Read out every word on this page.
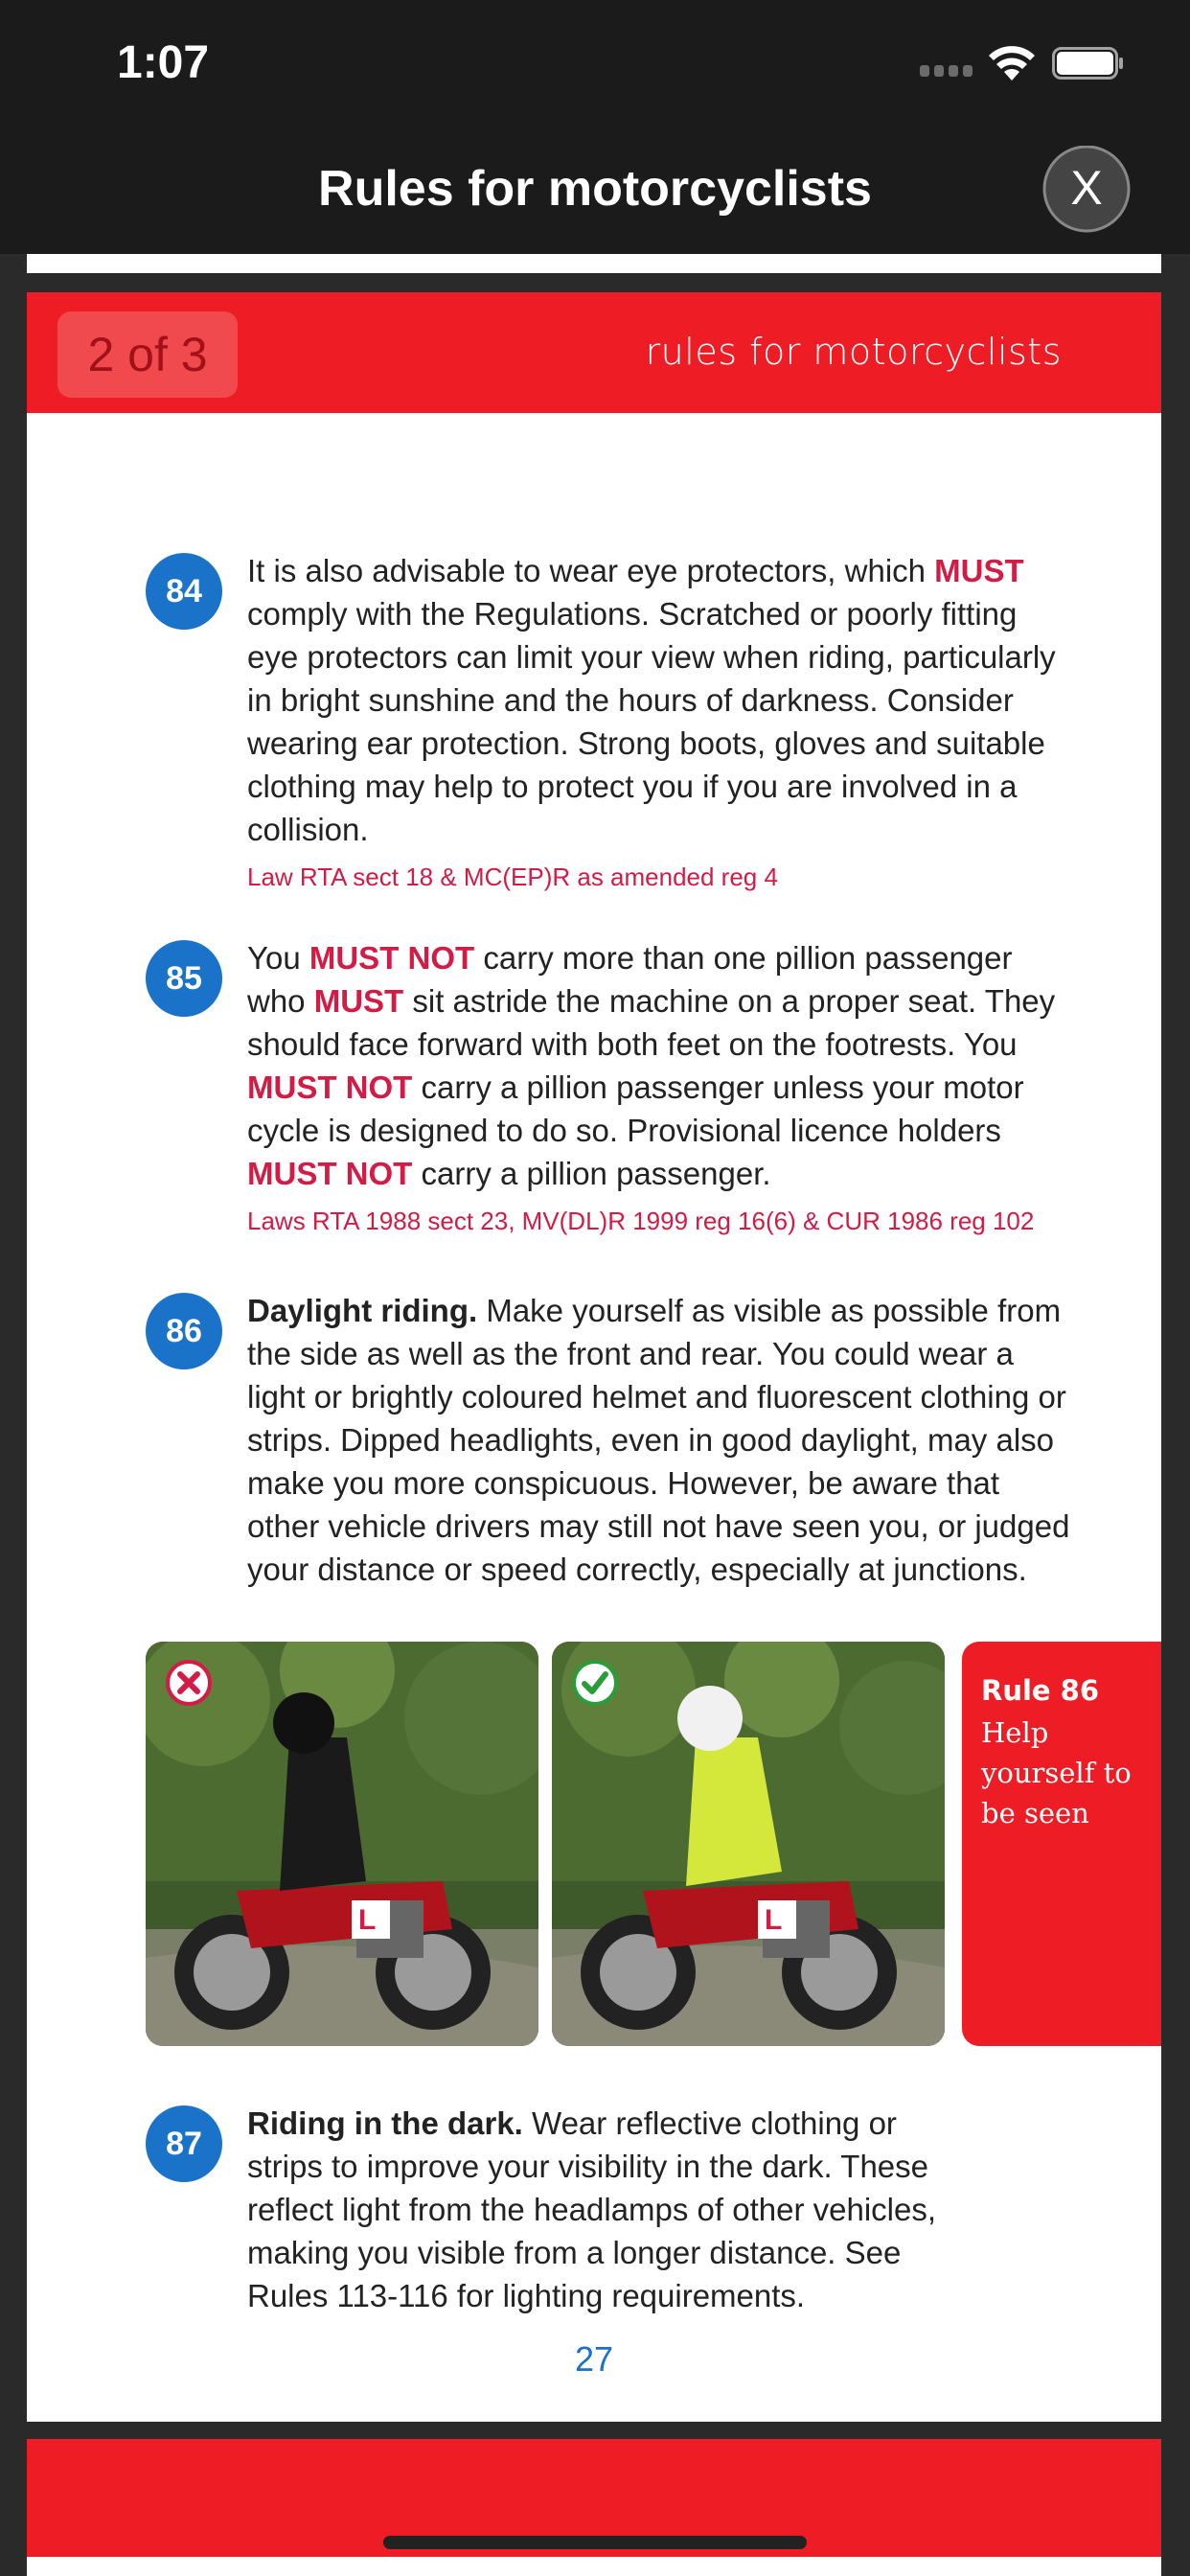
1:07
Rules for motorcyclists	X
2 of 3	rules for motorcyclists
84
It is also advisable to wear eye protectors, which MUST comply with the Regulations. Scratched or poorly fitting eye protectors can limit your view when riding, particularly in bright sunshine and the hours of darkness. Consider wearing ear protection. Strong boots, gloves and suitable clothing may help to protect you if you are involved in a collision.
Law RTA sect 18 & MC(EP)R as amended reg 4
85
You MUST NOT carry more than one pillion passenger who MUST sit astride the machine on a proper seat. They should face forward with both feet on the footrests. You MUST NOT carry a pillion passenger unless your motor cycle is designed to do so. Provisional licence holders MUST NOT carry a pillion passenger.
Laws RTA 1988 sect 23, MV(DL)R 1999 reg 16(6) & CUR 1986 reg 102
86
Daylight riding. Make yourself as visible as possible from the side as well as the front and rear. You could wear a light or brightly coloured helmet and fluorescent clothing or strips. Dipped headlights, even in good daylight, may also make you more conspicuous. However, be aware that other vehicle drivers may still not have seen you, or judged your distance or speed correctly, especially at junctions.
L	L
Rule 86
Help yourself to be seen
87
Riding in the dark. Wear reflective clothing or strips to improve your visibility in the dark. These reflect light from the headlamps of other vehicles, making you visible from a longer distance. See Rules 113-116 for lighting requirements.
27
